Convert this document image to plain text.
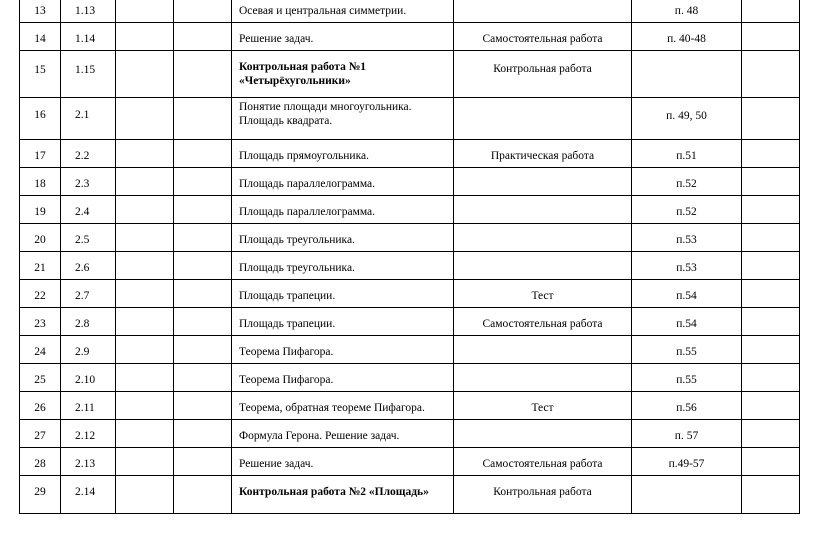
13	1.13			Осевая и центральная симметрии.		п. 48	
14	1.14			Решение задач.	Самостоятельная работа	п. 40-48	
15	1.15			Контрольная работа №1
«Четырёхугольники»	Контрольная работа		
16	2.1			Понятие площади многоугольника.
Площадь квадрата.		п. 49, 50	
17	2.2			Площадь прямоугольника.	Практическая работа	п.51	
18	2.3			Площадь параллелограмма.		п.52	
19	2.4			Площадь параллелограмма.		п.52	
20	2.5			Площадь треугольника.		п.53	
21	2.6			Площадь треугольника.		п.53	
22	2.7			Площадь трапеции.	Тест	п.54	
23	2.8			Площадь трапеции.	Самостоятельная работа	п.54	
24	2.9			Теорема Пифагора.		п.55	
25	2.10			Теорема Пифагора.		п.55	
26	2.11			Теорема, обратная теореме Пифагора.	Тест	п.56	
27	2.12			Формула Герона. Решение задач.		п. 57	
28	2.13			Решение задач.	Самостоятельная работа	п.49-57	
29	2.14			Контрольная работа №2 «Площадь»	Контрольная работа		
